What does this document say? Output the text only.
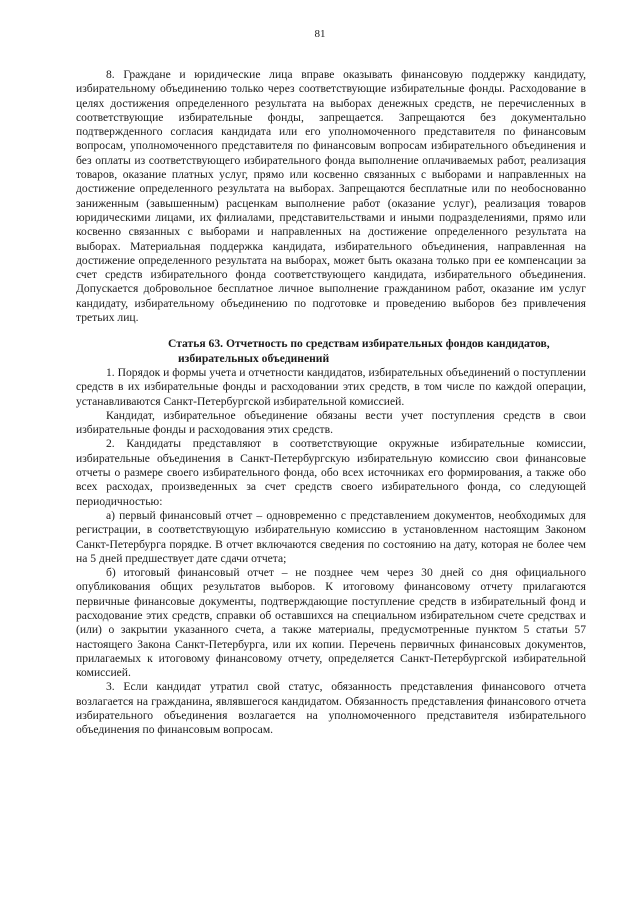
81

8. Граждане и юридические лица вправе оказывать финансовую поддержку кандидату, избирательному объединению только через соответствующие избирательные фонды. Расходование в целях достижения определенного результата на выборах денежных средств, не перечисленных в соответствующие избирательные фонды, запрещается. Запрещаются без документально подтвержденного согласия кандидата или его уполномоченного представителя по финансовым вопросам, уполномоченного представителя по финансовым вопросам избирательного объединения и без оплаты из соответствующего избирательного фонда выполнение оплачиваемых работ, реализация товаров, оказание платных услуг, прямо или косвенно связанных с выборами и направленных на достижение определенного результата на выборах. Запрещаются бесплатные или по необоснованно заниженным (завышенным) расценкам выполнение работ (оказание услуг), реализация товаров юридическими лицами, их филиалами, представительствами и иными подразделениями, прямо или косвенно связанных с выборами и направленных на достижение определенного результата на выборах. Материальная поддержка кандидата, избирательного объединения, направленная на достижение определенного результата на выборах, может быть оказана только при ее компенсации за счет средств избирательного фонда соответствующего кандидата, избирательного объединения. Допускается добровольное бесплатное личное выполнение гражданином работ, оказание им услуг кандидату, избирательному объединению по подготовке и проведению выборов без привлечения третьих лиц.

Статья 63. Отчетность по средствам избирательных фондов кандидатов,
избирательных объединений

1. Порядок и формы учета и отчетности кандидатов, избирательных объединений о поступлении средств в их избирательные фонды и расходовании этих средств, в том числе по каждой операции, устанавливаются Санкт-Петербургской избирательной комиссией.

Кандидат, избирательное объединение обязаны вести учет поступления средств в свои избирательные фонды и расходования этих средств.

2. Кандидаты представляют в соответствующие окружные избирательные комиссии, избирательные объединения в Санкт-Петербургскую избирательную комиссию свои финансовые отчеты о размере своего избирательного фонда, обо всех источниках его формирования, а также обо всех расходах, произведенных за счет средств своего избирательного фонда, со следующей периодичностью:

а) первый финансовый отчет – одновременно с представлением документов, необходимых для регистрации, в соответствующую избирательную комиссию в установленном настоящим Законом Санкт-Петербурга порядке. В отчет включаются сведения по состоянию на дату, которая не более чем на 5 дней предшествует дате сдачи отчета;

б) итоговый финансовый отчет – не позднее чем через 30 дней со дня официального опубликования общих результатов выборов. К итоговому финансовому отчету прилагаются первичные финансовые документы, подтверждающие поступление средств в избирательный фонд и расходование этих средств, справки об оставшихся на специальном избирательном счете средствах и (или) о закрытии указанного счета, а также материалы, предусмотренные пунктом 5 статьи 57 настоящего Закона Санкт-Петербурга, или их копии. Перечень первичных финансовых документов, прилагаемых к итоговому финансовому отчету, определяется Санкт-Петербургской избирательной комиссией.

3. Если кандидат утратил свой статус, обязанность представления финансового отчета возлагается на гражданина, являвшегося кандидатом. Обязанность представления финансового отчета избирательного объединения возлагается на уполномоченного представителя избирательного объединения по финансовым вопросам.
